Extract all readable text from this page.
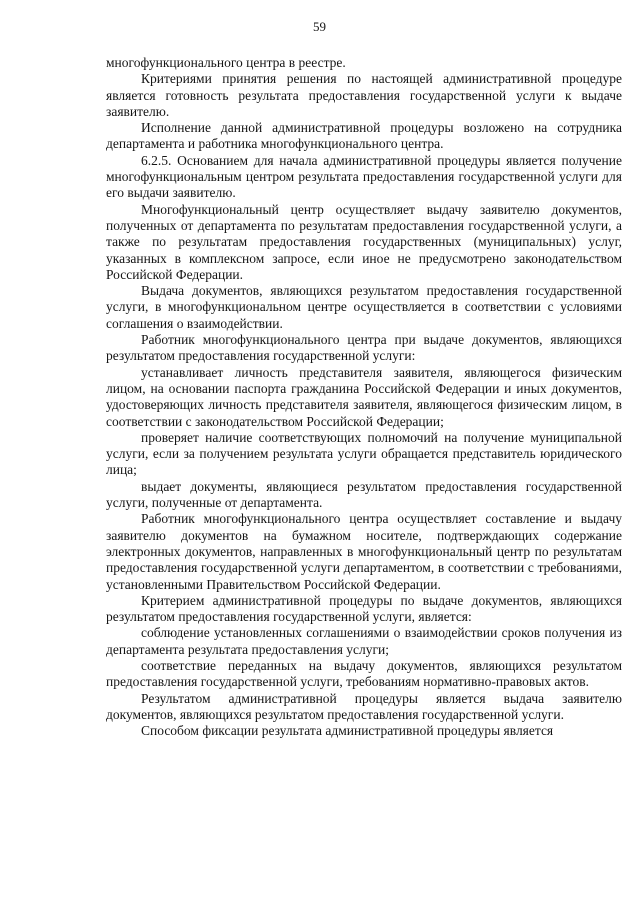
59

многофункционального центра в реестре.

Критериями принятия решения по настоящей административной процедуре является готовность результата предоставления государственной услуги к выдаче заявителю.

Исполнение данной административной процедуры возложено на сотрудника департамента и работника многофункционального центра.

6.2.5. Основанием для начала административной процедуры является получение многофункциональным центром результата предоставления государственной услуги для его выдачи заявителю.

Многофункциональный центр осуществляет выдачу заявителю документов, полученных от департамента по результатам предоставления государственной услуги, а также по результатам предоставления государственных (муниципальных) услуг, указанных в комплексном запросе, если иное не предусмотрено законодательством Российской Федерации.

Выдача документов, являющихся результатом предоставления государственной услуги, в многофункциональном центре осуществляется в соответствии с условиями соглашения о взаимодействии.

Работник многофункционального центра при выдаче документов, являющихся результатом предоставления государственной услуги:

устанавливает личность представителя заявителя, являющегося физическим лицом, на основании паспорта гражданина Российской Федерации и иных документов, удостоверяющих личность представителя заявителя, являющегося физическим лицом, в соответствии с законодательством Российской Федерации;

проверяет наличие соответствующих полномочий на получение муниципальной услуги, если за получением результата услуги обращается представитель юридического лица;

выдает документы, являющиеся результатом предоставления государственной услуги, полученные от департамента.

Работник многофункционального центра осуществляет составление и выдачу заявителю документов на бумажном носителе, подтверждающих содержание электронных документов, направленных в многофункциональный центр по результатам предоставления государственной услуги департаментом, в соответствии с требованиями, установленными Правительством Российской Федерации.

Критерием административной процедуры по выдаче документов, являющихся результатом предоставления государственной услуги, является:

соблюдение установленных соглашениями о взаимодействии сроков получения из департамента результата предоставления услуги;

соответствие переданных на выдачу документов, являющихся результатом предоставления государственной услуги, требованиям нормативно-правовых актов.

Результатом административной процедуры является выдача заявителю документов, являющихся результатом предоставления государственной услуги.

Способом фиксации результата административной процедуры является
